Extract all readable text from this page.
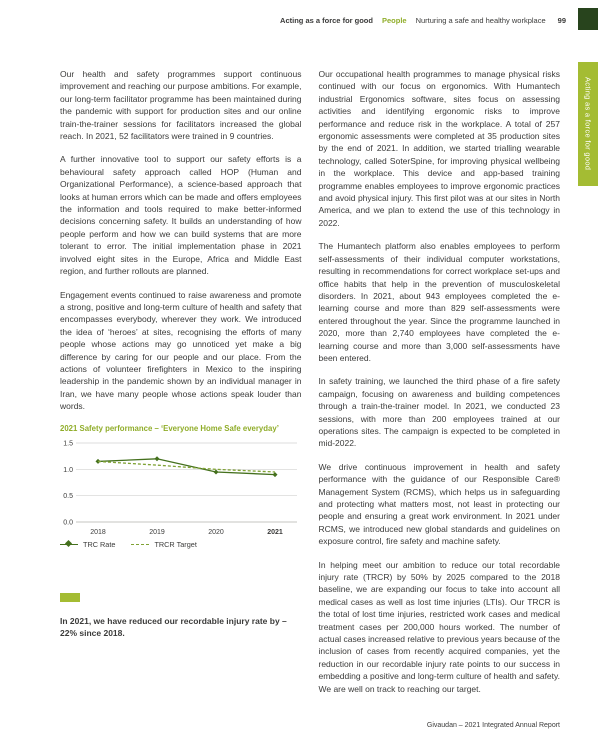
Acting as a force for good People Nurturing a safe and healthy workplace 99
Acting as a force for good

Our health and safety programmes support continuous improvement and reaching our purpose ambitions. For example, our long-term facilitator programme has been maintained during the pandemic with support for production sites and our online train-the-trainer sessions for facilitators increased the global reach. In 2021, 52 facilitators were trained in 9 countries.

A further innovative tool to support our safety efforts is a behavioural safety approach called HOP (Human and Organizational Performance), a science-based approach that looks at human errors which can be made and offers employees the information and tools required to make better-informed decisions concerning safety. It builds an understanding of how people perform and how we can build systems that are more tolerant to error. The initial implementation phase in 2021 involved eight sites in the Europe, Africa and Middle East region, and further rollouts are planned.

Engagement events continued to raise awareness and promote a strong, positive and long-term culture of health and safety that encompasses everybody, wherever they work. We introduced the idea of ‘heroes’ at sites, recognising the efforts of many people whose actions may go unnoticed yet make a big difference by caring for our people and our place. From the actions of volunteer firefighters in Mexico to the inspiring leadership in the pandemic shown by an individual manager in Iran, we have many people whose actions speak louder than words.

2021 Safety performance – ‘Everyone Home Safe everyday’
0.0
0.5
1.0
1.5
2018	2019	2020	2021
TRC Rate	TRCR Target

In 2021, we have reduced our recordable injury rate by –22% since 2018.

Our occupational health programmes to manage physical risks continued with our focus on ergonomics. With Humantech industrial Ergonomics software, sites focus on assessing activities and identifying ergonomic risks to improve performance and reduce risk in the workplace. A total of 257 ergonomic assessments were completed at 35 production sites by the end of 2021. In addition, we started trialling wearable technology, called SoterSpine, for improving physical wellbeing in the workplace. This device and app-based training programme enables employees to improve ergonomic practices and avoid physical injury. This first pilot was at our sites in North America, and we plan to extend the use of this technology in 2022.

The Humantech platform also enables employees to perform self-assessments of their individual computer workstations, resulting in recommendations for correct workplace set-ups and office habits that help in the prevention of musculoskeletal disorders. In 2021, about 943 employees completed the e-learning course and more than 829 self-assessments were entered throughout the year. Since the programme launched in 2020, more than 2,740 employees have completed the e-learning course and more than 3,000 self-assessments have been entered.

In safety training, we launched the third phase of a fire safety campaign, focusing on awareness and building competences through a train-the-trainer model. In 2021, we conducted 23 sessions, with more than 200 employees trained at our operations sites. The campaign is expected to be completed in mid-2022.

We drive continuous improvement in health and safety performance with the guidance of our Responsible Care® Management System (RCMS), which helps us in safeguarding and protecting what matters most, not least in protecting our people and ensuring a great work environment. In 2021 under RCMS, we introduced new global standards and guidelines on exposure control, fire safety and machine safety.

In helping meet our ambition to reduce our total recordable injury rate (TRCR) by 50% by 2025 compared to the 2018 baseline, we are expanding our focus to take into account all medical cases as well as lost time injuries (LTIs). Our TRCR is the total of lost time injuries, restricted work cases and medical treatment cases per 200,000 hours worked. The number of actual cases increased relative to previous years because of the inclusion of cases from recently acquired companies, yet the reduction in our recordable injury rate points to our success in embedding a positive and long-term culture of health and safety. We are well on track to reaching our target.

Givaudan – 2021 Integrated Annual Report
